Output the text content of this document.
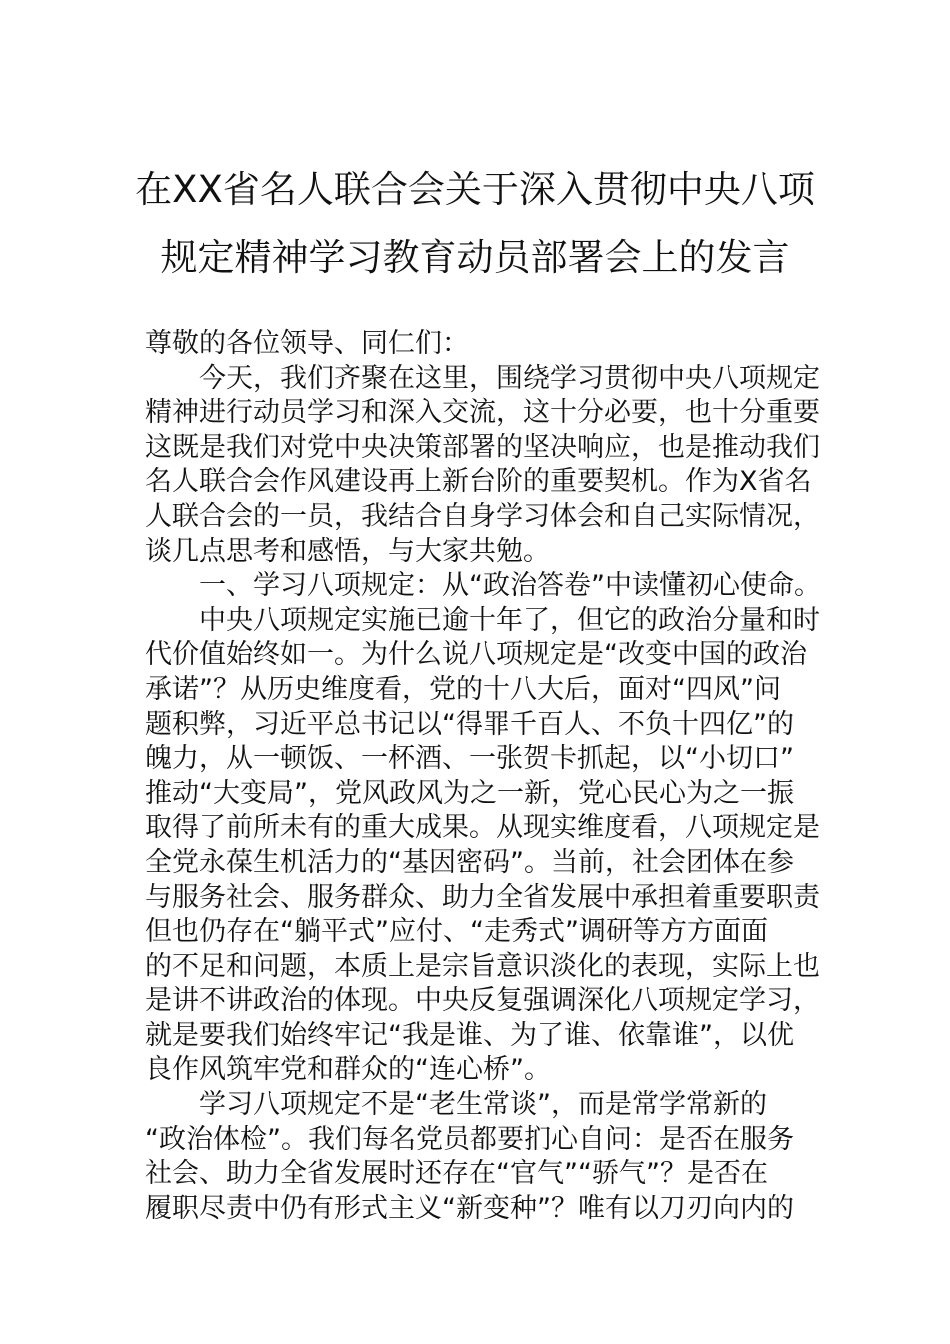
在XX省名人联合会关于深入贯彻中央八项
规定精神学习教育动员部署会上的发言
尊敬的各位领导、同仁们：
今天，我们齐聚在这里，围绕学习贯彻中央八项规定
精神进行动员学习和深入交流，这十分必要，也十分重要
这既是我们对党中央决策部署的坚决响应，也是推动我们
名人联合会作风建设再上新台阶的重要契机。作为X省名
人联合会的一员，我结合自身学习体会和自己实际情况，
谈几点思考和感悟，与大家共勉。
一、学习八项规定：从“政治答卷”中读懂初心使命。
中央八项规定实施已逾十年了，但它的政治分量和时
代价值始终如一。为什么说八项规定是“改变中国的政治
承诺”？从历史维度看，党的十八大后，面对“四风”问
题积弊，习近平总书记以“得罪千百人、不负十四亿”的
魄力，从一顿饭、一杯酒、一张贺卡抓起，以“小切口”
推动“大变局”，党风政风为之一新，党心民心为之一振
取得了前所未有的重大成果。从现实维度看，八项规定是
全党永葆生机活力的“基因密码”。当前，社会团体在参
与服务社会、服务群众、助力全省发展中承担着重要职责
但也仍存在“躺平式”应付、“走秀式”调研等方方面面
的不足和问题，本质上是宗旨意识淡化的表现，实际上也
是讲不讲政治的体现。中央反复强调深化八项规定学习，
就是要我们始终牢记“我是谁、为了谁、依靠谁”，以优
良作风筑牢党和群众的“连心桥”。
学习八项规定不是“老生常谈”，而是常学常新的
“政治体检”。我们每名党员都要扪心自问：是否在服务
社会、助力全省发展时还存在“官气”“骄气”？是否在
履职尽责中仍有形式主义“新变种”？唯有以刀刃向内的
